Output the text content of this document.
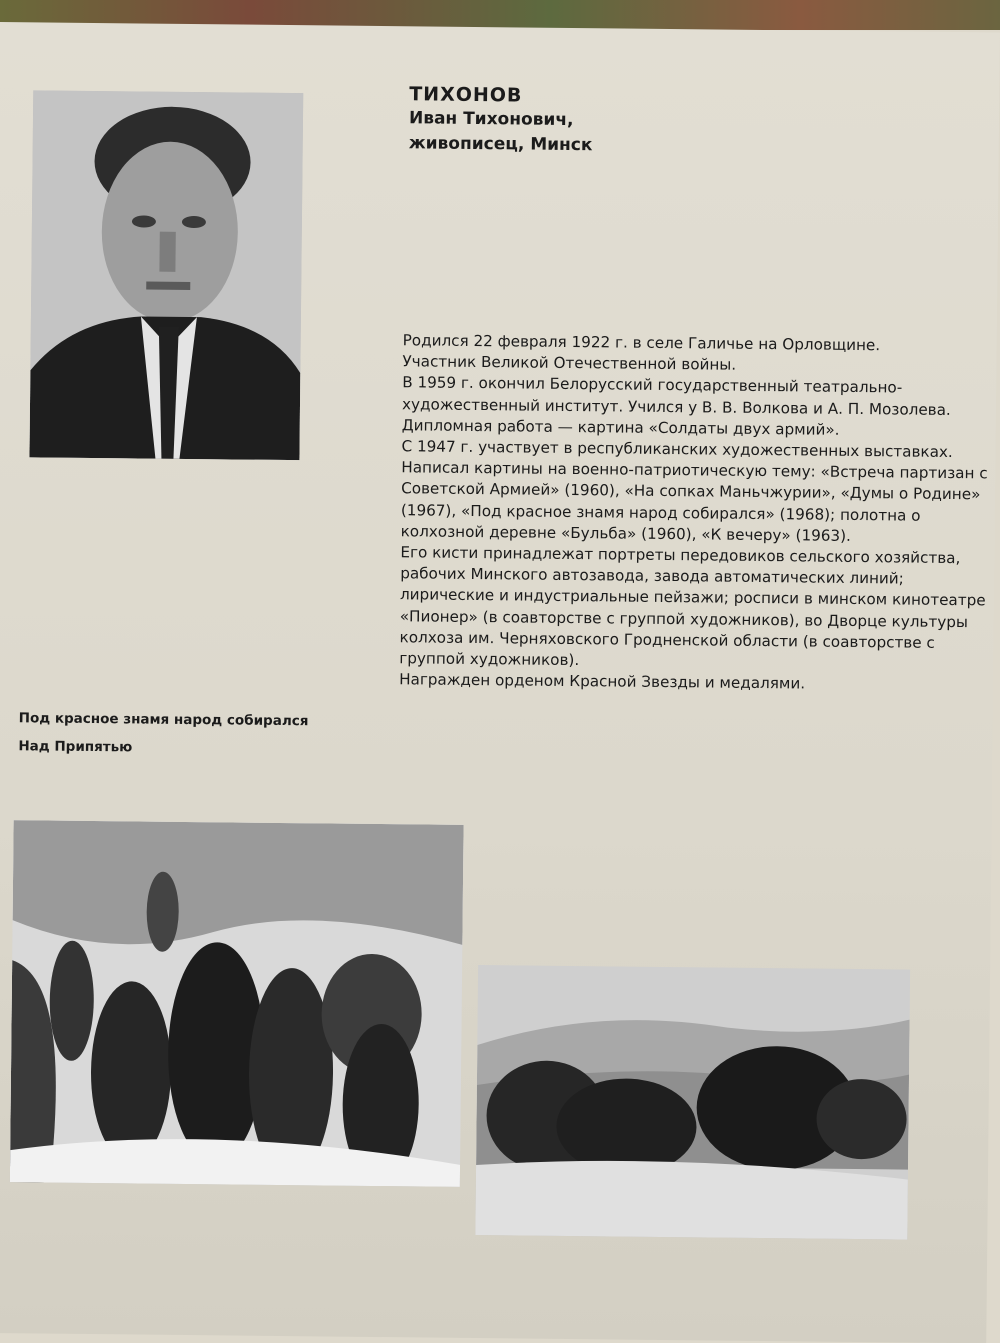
ТИХОНОВ

Иван Тихонович,

живописец, Минск

Родился 22 февраля 1922 г. в селе Галичье на Орловщине.

Участник Великой Отечественной войны.

В 1959 г. окончил Белорусский государственный театрально-художественный институт. Учился у В. В. Волкова и А. П. Мозолева. Дипломная работа — картина «Солдаты двух армий».

С 1947 г. участвует в республиканских художественных выставках.

Написал картины на военно-патриотическую тему: «Встреча партизан с Советской Армией» (1960), «На сопках Маньчжурии», «Думы о Родине» (1967), «Под красное знамя народ собирался» (1968); полотна о колхозной деревне «Бульба» (1960), «К вечеру» (1963).

Его кисти принадлежат портреты передовиков сельского хозяйства, рабочих Минского автозавода, завода автоматических линий; лирические и индустриальные пейзажи; росписи в минском кинотеатре «Пионер» (в соавторстве с группой художников), во Дворце культуры колхоза им. Черняховского Гродненской области (в соавторстве с группой художников).

Награжден орденом Красной Звезды и медалями.

Под красное знамя народ собирался

Над Припятью
